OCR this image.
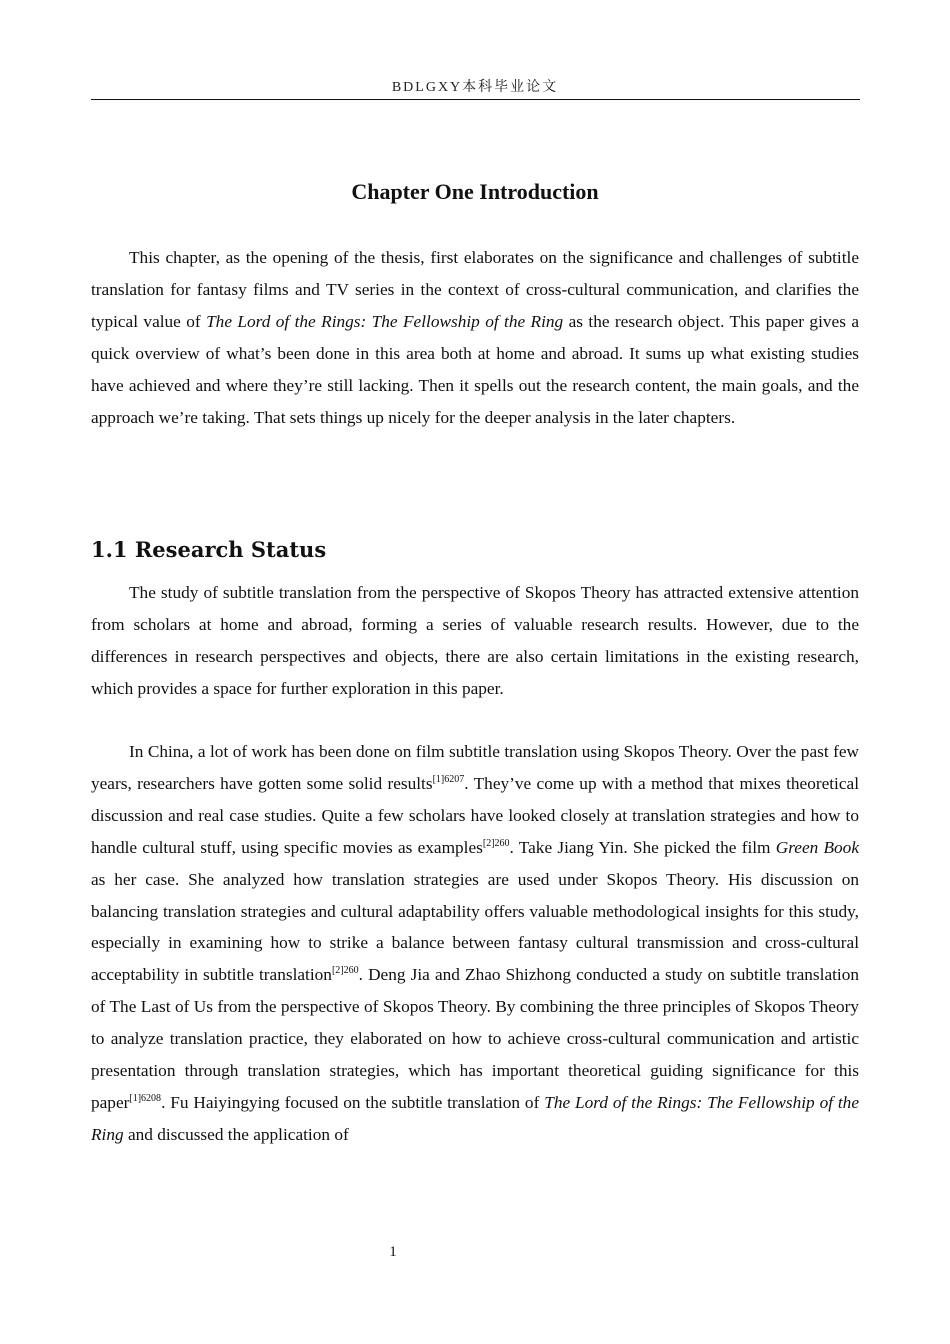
BDLGXY本科毕业论文
Chapter One Introduction

This chapter, as the opening of the thesis, first elaborates on the significance and challenges of subtitle translation for fantasy films and TV series in the context of cross-cultural communication, and clarifies the typical value of The Lord of the Rings: The Fellowship of the Ring as the research object. This paper gives a quick overview of what’s been done in this area both at home and abroad. It sums up what existing studies have achieved and where they’re still lacking. Then it spells out the research content, the main goals, and the approach we’re taking. That sets things up nicely for the deeper analysis in the later chapters.

1.1 Research Status

The study of subtitle translation from the perspective of Skopos Theory has attracted extensive attention from scholars at home and abroad, forming a series of valuable research results. However, due to the differences in research perspectives and objects, there are also certain limitations in the existing research, which provides a space for further exploration in this paper.

In China, a lot of work has been done on film subtitle translation using Skopos Theory. Over the past few years, researchers have gotten some solid results$^{[1]6207}$. They’ve come up with a method that mixes theoretical discussion and real case studies. Quite a few scholars have looked closely at translation strategies and how to handle cultural stuff, using specific movies as examples$^{[2]260}$. Take Jiang Yin. She picked the film Green Book as her case. She analyzed how translation strategies are used under Skopos Theory. His discussion on balancing translation strategies and cultural adaptability offers valuable methodological insights for this study, especially in examining how to strike a balance between fantasy cultural transmission and cross-cultural acceptability in subtitle translation$^{[2]260}$. Deng Jia and Zhao Shizhong conducted a study on subtitle translation of The Last of Us from the perspective of Skopos Theory. By combining the three principles of Skopos Theory to analyze translation practice, they elaborated on how to achieve cross-cultural communication and artistic presentation through translation strategies, which has important theoretical guiding significance for this paper$^{[1]6208}$. Fu Haiyingying focused on the subtitle translation of The Lord of the Rings: The Fellowship of the Ring and discussed the application of

1
